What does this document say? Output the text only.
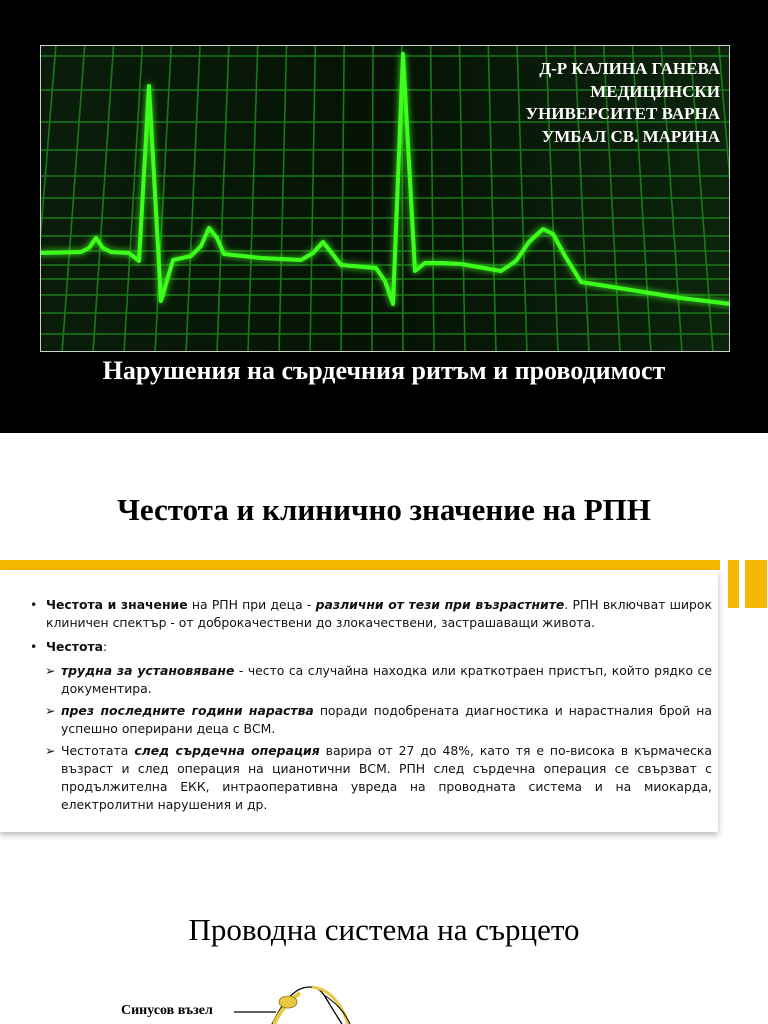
Д-Р КАЛИНА ГАНЕВА
МЕДИЦИНСКИ
УНИВЕРСИТЕТ ВАРНА
УМБАЛ СВ. МАРИНА
Нарушения на сърдечния ритъм и проводимост
Честота и клинично значение на РПН
• Честота и значение на РПН при деца - различни от тези при възрастните. РПН включват широк клиничен спектър - от доброкачествени до злокачествени, застрашаващи живота.
• Честота:
➢ трудна за установяване - често са случайна находка или краткотраен пристъп, който рядко се документира.
➢ през последните години нараства поради подобрената диагностика и нарастналия брой на успешно оперирани деца с ВСМ.
➢ Честотата след сърдечна операция варира от 27 до 48%, като тя е по-висока в кърмаческа възраст и след операция на цианотични ВСМ. РПН след сърдечна операция се свързват с продължителна ЕКК, интраоперативна увреда на проводната система и на миокарда, електролитни нарушения и др.
Проводна система на сърцето
Синусов възел
